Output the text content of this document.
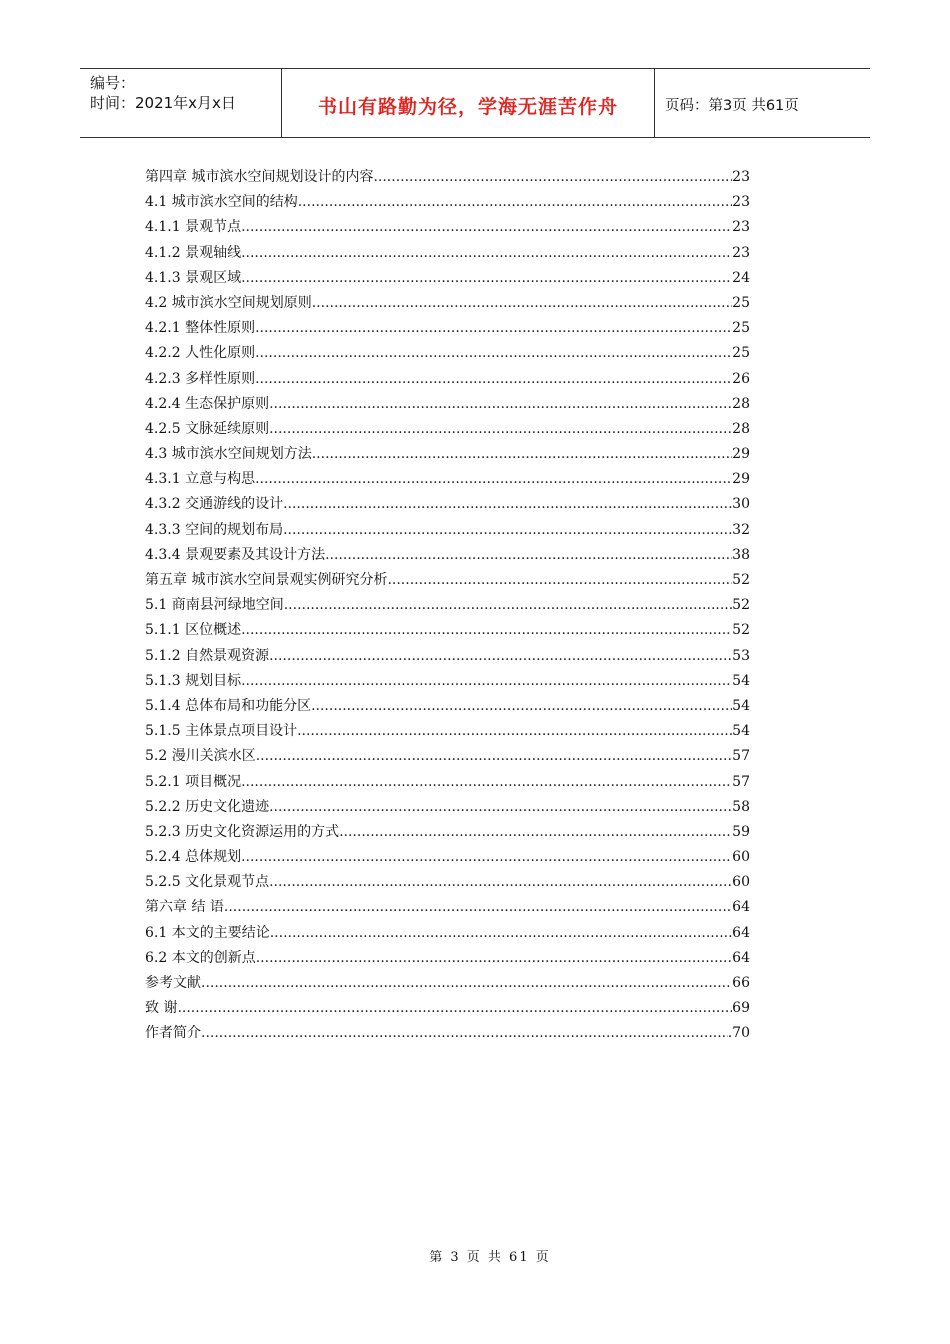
编号：
时间：2021年x月x日	书山有路勤为径，学海无涯苦作舟	页码：第3页 共61页
第四章 城市滨水空间规划设计的内容 .....	23
4.1 城市滨水空间的结构 .....	23
4.1.1 景观节点 .....	23
4.1.2 景观轴线 .....	23
4.1.3 景观区域 .....	24
4.2 城市滨水空间规划原则 .....	25
4.2.1 整体性原则 .....	25
4.2.2 人性化原则 .....	25
4.2.3 多样性原则 .....	26
4.2.4 生态保护原则 .....	28
4.2.5 文脉延续原则 .....	28
4.3 城市滨水空间规划方法 .....	29
4.3.1 立意与构思 .....	29
4.3.2 交通游线的设计 .....	30
4.3.3 空间的规划布局 .....	32
4.3.4 景观要素及其设计方法 .....	38
第五章 城市滨水空间景观实例研究分析 .....	52
5.1 商南县河绿地空间 .....	52
5.1.1 区位概述 .....	52
5.1.2 自然景观资源 .....	53
5.1.3 规划目标 .....	54
5.1.4 总体布局和功能分区 .....	54
5.1.5 主体景点项目设计 .....	54
5.2 漫川关滨水区 .....	57
5.2.1 项目概况 .....	57
5.2.2 历史文化遗迹 .....	58
5.2.3 历史文化资源运用的方式 .....	59
5.2.4 总体规划 .....	60
5.2.5 文化景观节点 .....	60
第六章 结 语 .....	64
6.1 本文的主要结论 .....	64
6.2 本文的创新点 .....	64
参考文献 .....	66
致 谢 .....	69
作者简介 .....	.70
第 3 页 共 61 页
